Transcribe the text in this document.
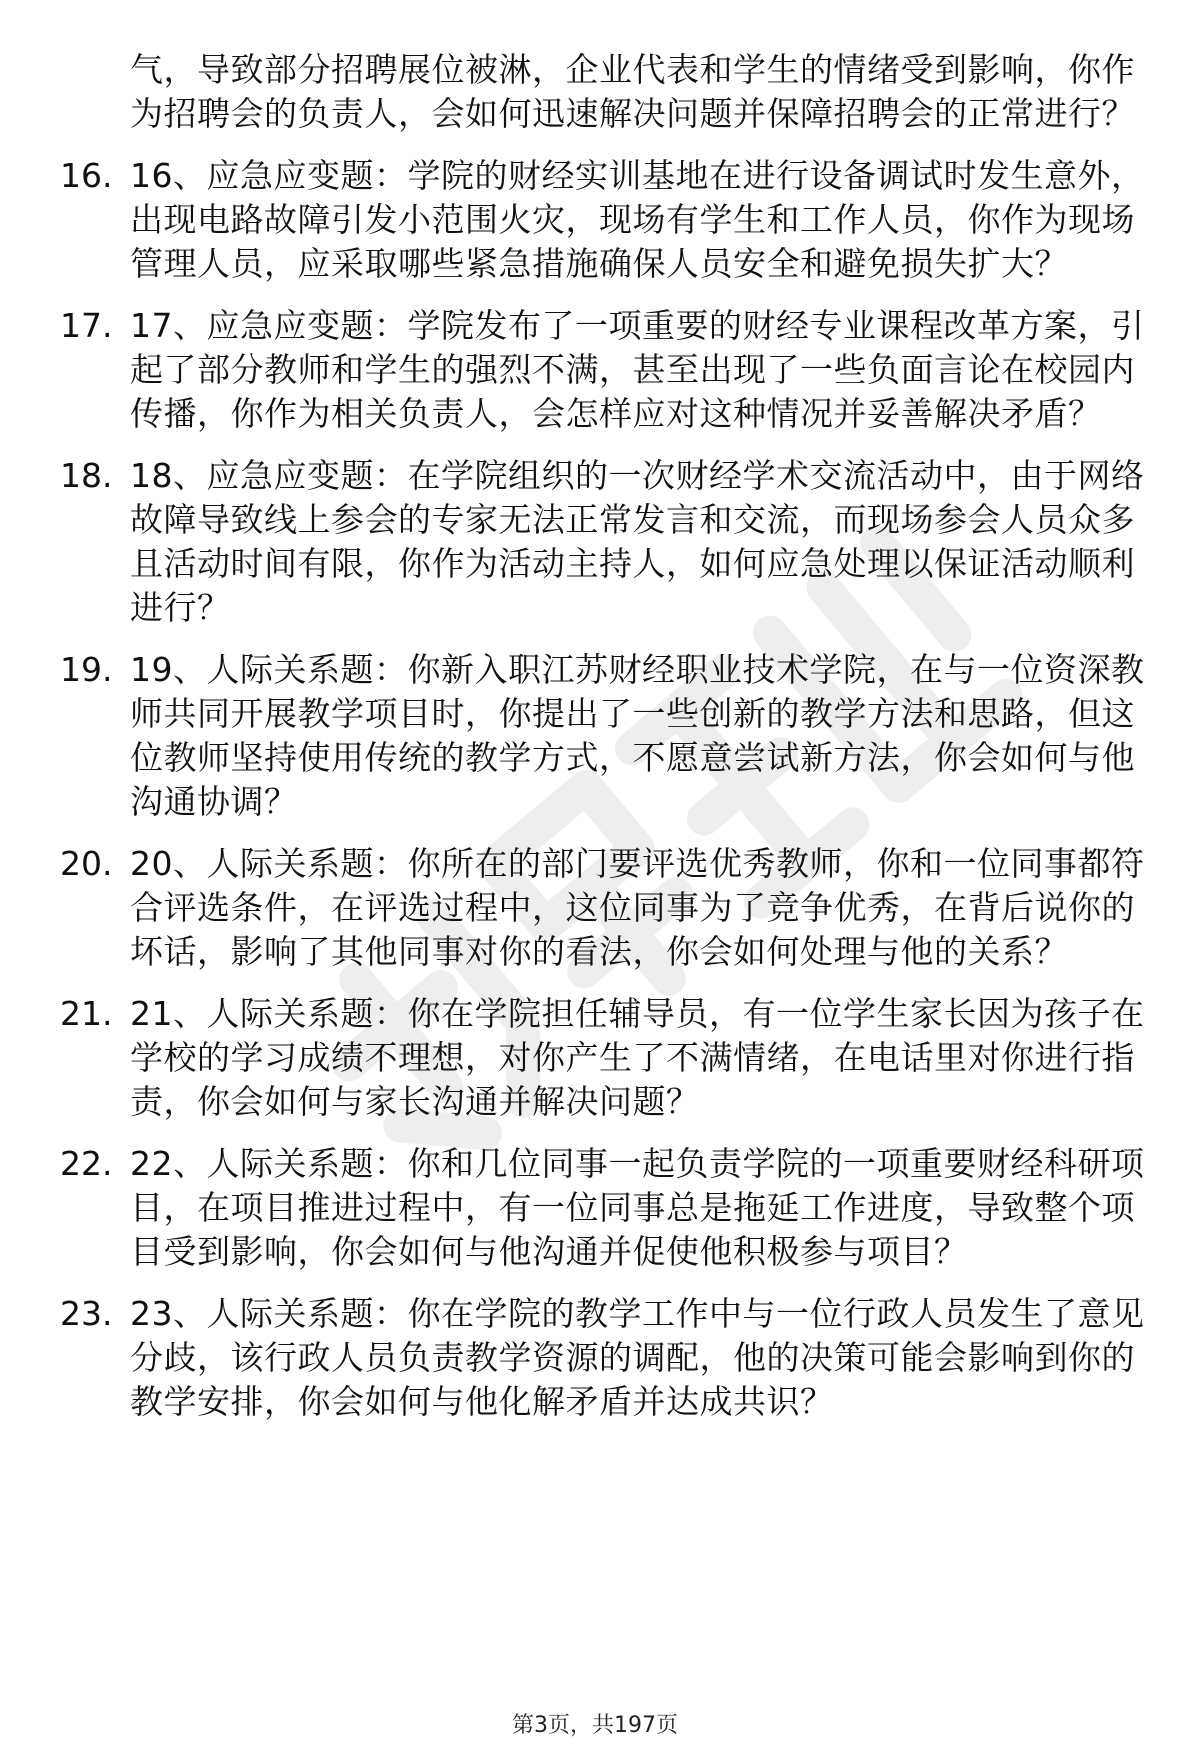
气，导致部分招聘展位被淋，企业代表和学生的情绪受到影响，你作为招聘会的负责人，会如何迅速解决问题并保障招聘会的正常进行？

16. 16、应急应变题：学院的财经实训基地在进行设备调试时发生意外，出现电路故障引发小范围火灾，现场有学生和工作人员，你作为现场管理人员，应采取哪些紧急措施确保人员安全和避免损失扩大？
17. 17、应急应变题：学院发布了一项重要的财经专业课程改革方案，引起了部分教师和学生的强烈不满，甚至出现了一些负面言论在校园内传播，你作为相关负责人，会怎样应对这种情况并妥善解决矛盾？
18. 18、应急应变题：在学院组织的一次财经学术交流活动中，由于网络故障导致线上参会的专家无法正常发言和交流，而现场参会人员众多且活动时间有限，你作为活动主持人，如何应急处理以保证活动顺利进行？
19. 19、人际关系题：你新入职江苏财经职业技术学院，在与一位资深教师共同开展教学项目时，你提出了一些创新的教学方法和思路，但这位教师坚持使用传统的教学方式，不愿意尝试新方法，你会如何与他沟通协调？
20. 20、人际关系题：你所在的部门要评选优秀教师，你和一位同事都符合评选条件，在评选过程中，这位同事为了竞争优秀，在背后说你的坏话，影响了其他同事对你的看法，你会如何处理与他的关系？
21. 21、人际关系题：你在学院担任辅导员，有一位学生家长因为孩子在学校的学习成绩不理想，对你产生了不满情绪，在电话里对你进行指责，你会如何与家长沟通并解决问题？
22. 22、人际关系题：你和几位同事一起负责学院的一项重要财经科研项目，在项目推进过程中，有一位同事总是拖延工作进度，导致整个项目受到影响，你会如何与他沟通并促使他积极参与项目？
23. 23、人际关系题：你在学院的教学工作中与一位行政人员发生了意见分歧，该行政人员负责教学资源的调配，他的决策可能会影响到你的教学安排，你会如何与他化解矛盾并达成共识？
第3页，共197页
